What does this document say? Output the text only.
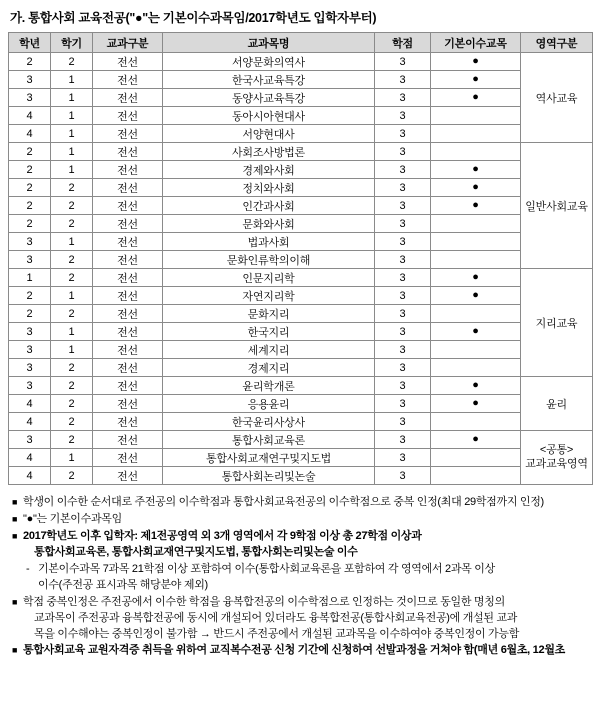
가. 통합사회 교육전공("●"는 기본이수과목임/2017학년도 입학자부터)
학년	학기	교과구분	교과목명	학점	기본이수교목	영역구분
2	2	전선	서양문화의역사	3	●	역사교육
3	1	전선	한국사교육특강	3	●	
3	1	전선	동양사교육특강	3	●	
4	1	전선	동아시아현대사	3		
4	1	전선	서양현대사	3		
2	1	전선	사회조사방법론	3		일반사회교육
2	1	전선	경제와사회	3	●	
2	2	전선	정치와사회	3	●	
2	2	전선	인간과사회	3	●	
2	2	전선	문화와사회	3		
3	1	전선	법과사회	3		
3	2	전선	문화인류학의이해	3		
1	2	전선	인문지리학	3	●	지리교육
2	1	전선	자연지리학	3	●	
2	2	전선	문화지리	3		
3	1	전선	한국지리	3	●	
3	1	전선	세계지리	3		
3	2	전선	경제지리	3		
3	2	전선	윤리학개론	3	●	윤리
4	2	전선	응용윤리	3	●	
4	2	전선	한국윤리사상사	3		
3	2	전선	통합사회교육론	3	●	<공통>
교과교육영역

4	1	전선	통합사회교재연구및지도법	3		
4	2	전선	통합사회논리및논술	3		
■ 학생이 이수한 순서대로 주전공의 이수학점과 통합사회교육전공의 이수학점으로 중복 인정(최대 29학점까지 인정)
■ "●"는 기본이수과목임
■ 2017학년도 이후 입학자: 제1전공영역 외 3개 영역에서 각 9학점 이상 총 27학점 이상과
통합사회교육론, 통합사회교재연구및지도법, 통합사회논리및논술 이수
- 기본이수과목 7과목 21학점 이상 포함하여 이수(통합사회교육론을 포함하여 각 영역에서 2과목 이상
이수(주전공 표시과목 해당분야 제외)
■ 학점 중복인정은 주전공에서 이수한 학점을 융복합전공의 이수학점으로 인정하는 것이므로 동일한 명칭의
교과목이 주전공과 융복합전공에 동시에 개설되어 있더라도 융복합전공(통합사회교육전공)에 개설된 교과
목을 이수해야는 중복인정이 불가함 → 반드시 주전공에서 개설된 교과목을 이수하여야 중복인정이 가능함
■ 통합사회교육 교원자격증 취득을 위하여 교직복수전공 신청 기간에 신청하여 선발과정을 거쳐야 함(매년 6월초, 12월초
